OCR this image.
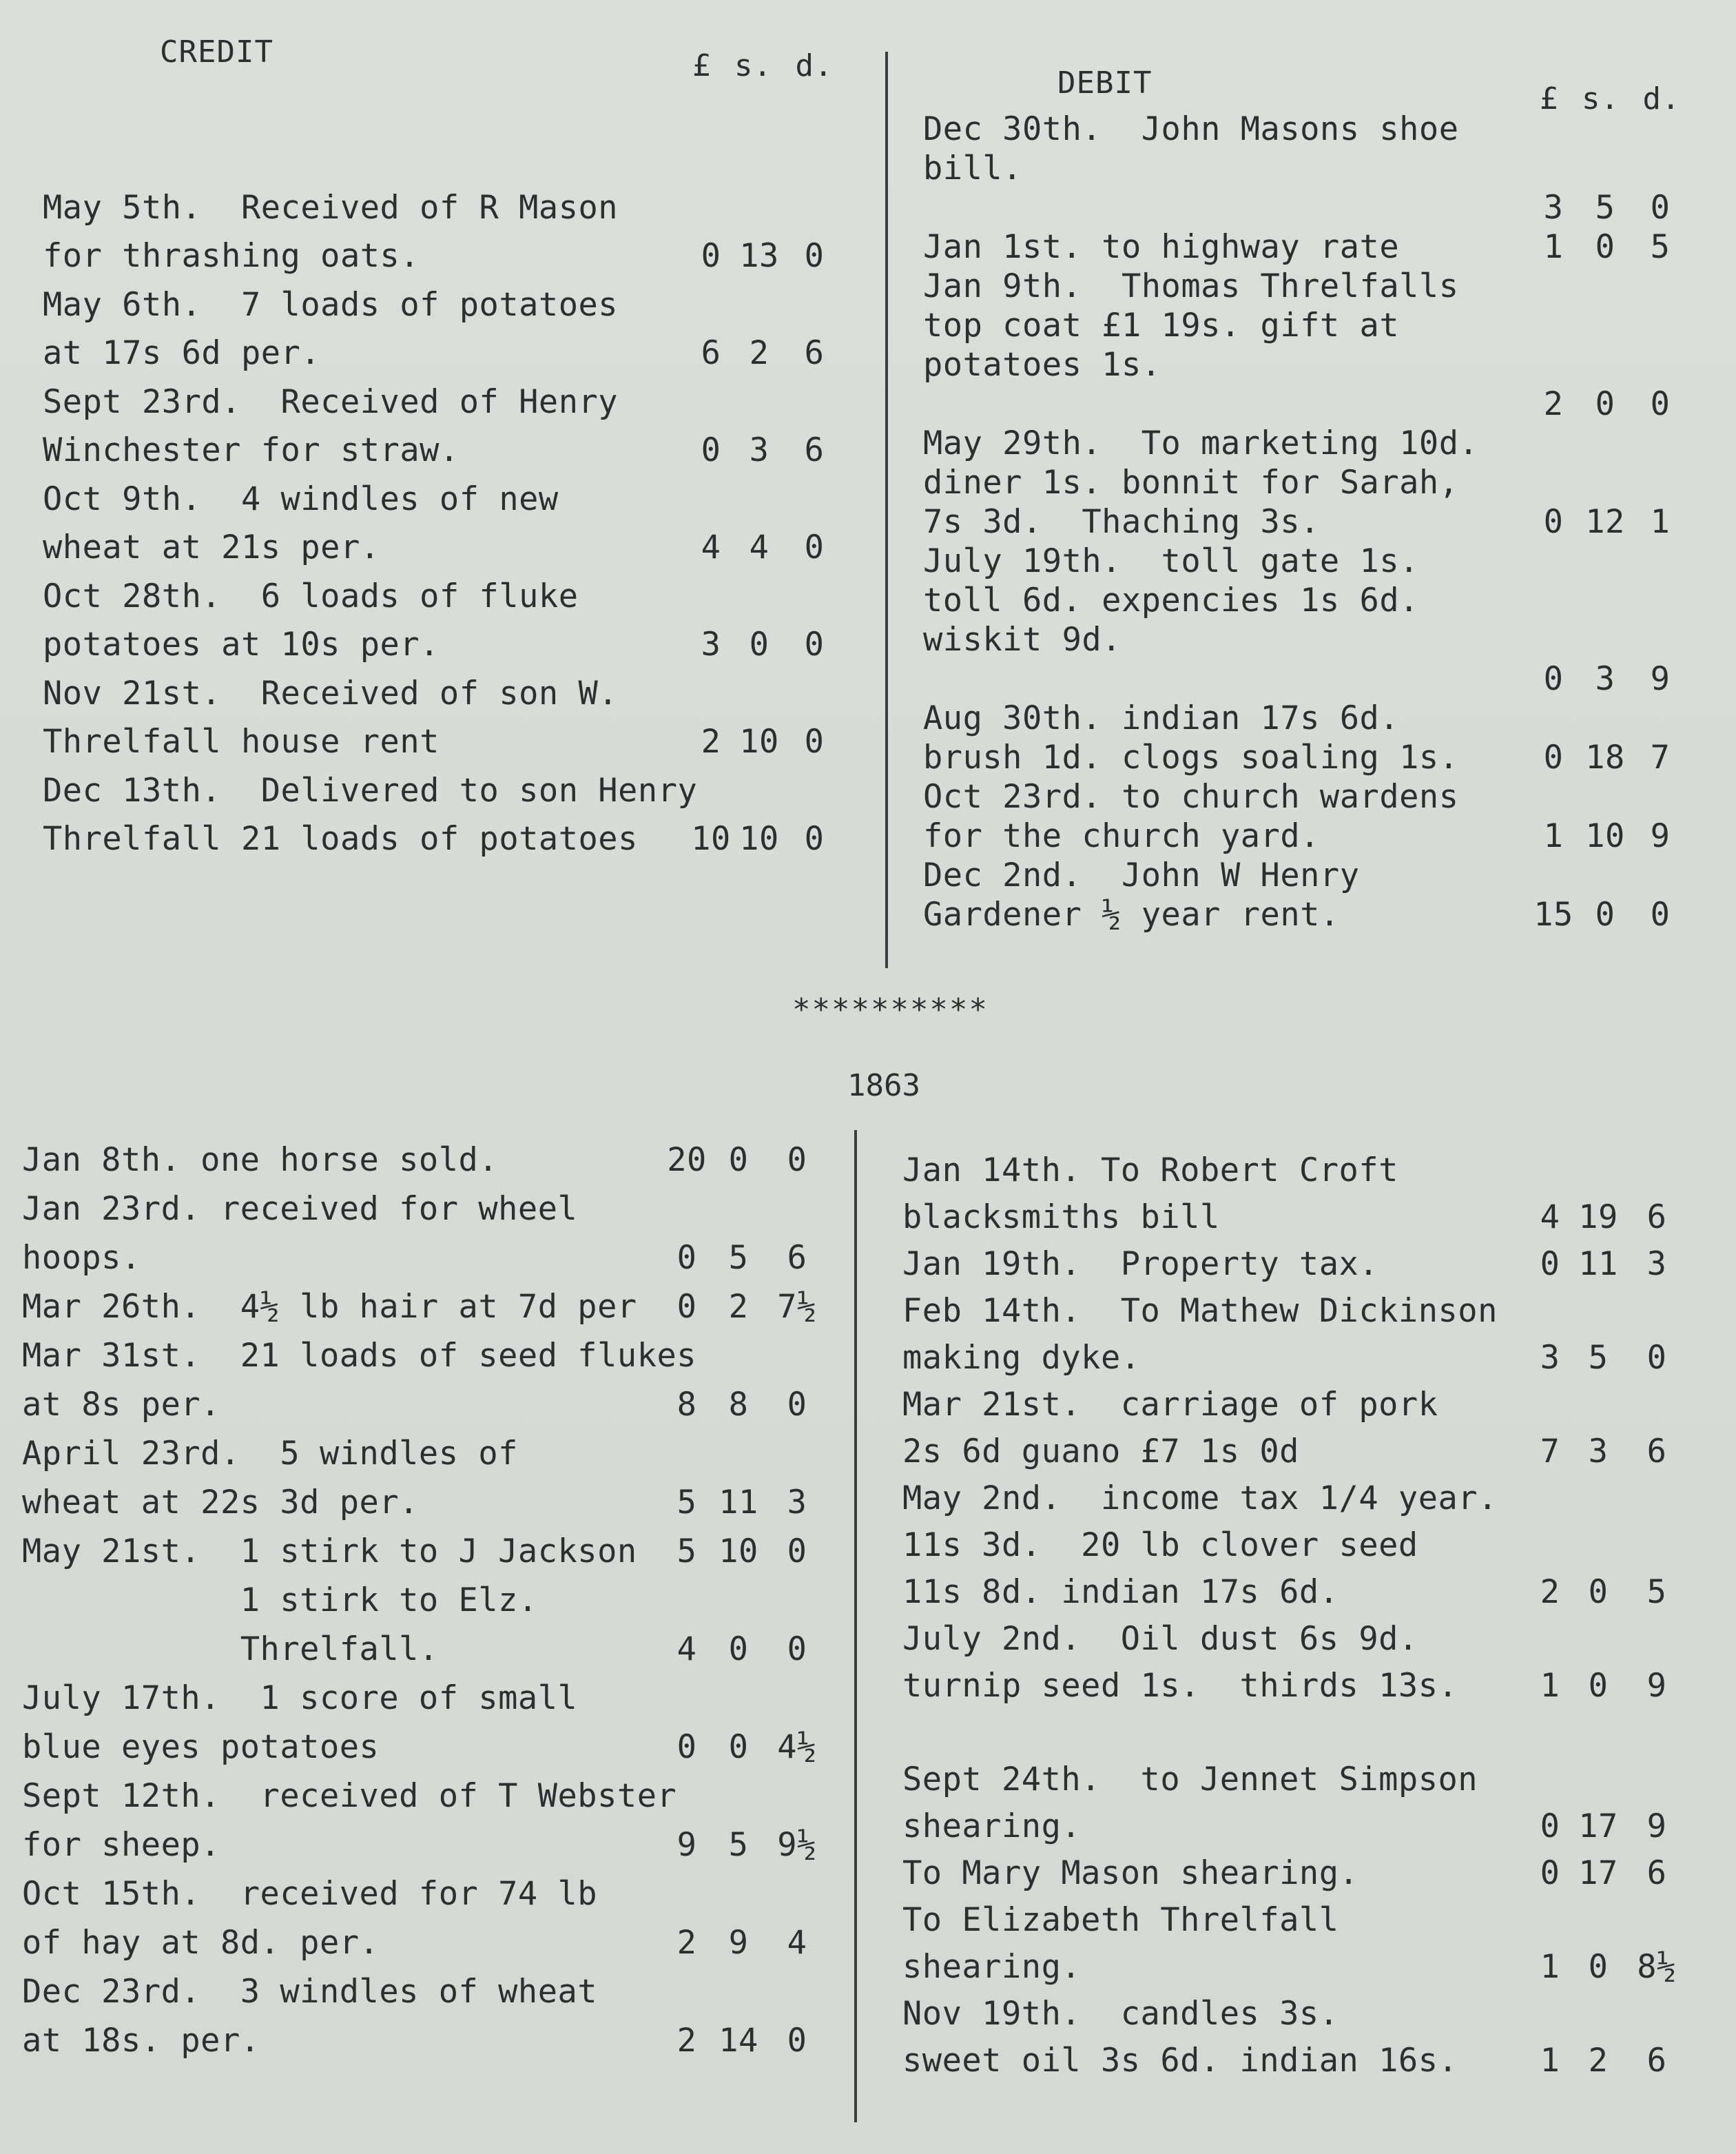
CREDIT	£ s. d.	DEBIT	£ s. d.
May 5th.  Received of R Mason
for thrashing oats.	0 13 0
May 6th.  7 loads of potatoes
at 17s 6d per.	6 2	6
Sept 23rd.  Received of Henry
Winchester for straw.	0 3	6
Oct 9th.  4 windles of new
wheat at 21s per.	4 4	0
Oct 28th.  6 loads of fluke
potatoes at 10s per.	3 0	0
Nov 21st.  Received of son W.
Threlfall house rent	2 10 0
Dec 13th.  Delivered to son Henry
Threlfall 21 loads of potatoes	10 10 0
Dec 30th.  John Masons shoe
bill.
3 5	0
Jan 1st. to highway rate	1 0	5
Jan 9th.  Thomas Threlfalls
top coat £1 19s. gift at
potatoes 1s.
2 0	0
May 29th.  To marketing 10d.
diner 1s. bonnit for Sarah,
7s 3d.  Thaching 3s.	0 12 1
July 19th.  toll gate 1s.
toll 6d. expencies 1s 6d.
wiskit 9d.
0 3	9
Aug 30th. indian 17s 6d.
brush 1d. clogs soaling 1s.	0 18 7
Oct 23rd. to church wardens
for the church yard.	1 10 9
Dec 2nd.  John W Henry
Gardener ½ year rent.	15 0	0
**********
1863
Jan 8th. one horse sold.	20 0	0
Jan 23rd. received for wheel
hoops.	0 5	6
Mar 26th.  4½ lb hair at 7d per	0 2 7½
Mar 31st.  21 loads of seed flukes
at 8s per.	8 8	0
April 23rd.  5 windles of
wheat at 22s 3d per.	5 11 3
May 21st.  1 stirk to J Jackson	5 10 0
1 stirk to Elz.
Threlfall.	4 0	0
July 17th.  1 score of small
blue eyes potatoes	0 0 4½
Sept 12th.  received of T Webster
for sheep.	9 5 9½
Oct 15th.  received for 74 lb
of hay at 8d. per.	2 9	4
Dec 23rd.  3 windles of wheat
at 18s. per.	2 14 0
Jan 14th. To Robert Croft
blacksmiths bill	4 19 6
Jan 19th.  Property tax.	0 11 3
Feb 14th.  To Mathew Dickinson
making dyke.	3 5	0
Mar 21st.  carriage of pork
2s 6d guano £7 1s 0d	7 3	6
May 2nd.  income tax 1/4 year.
11s 3d.  20 lb clover seed
11s 8d. indian 17s 6d.	2 0	5
July 2nd.  Oil dust 6s 9d.
turnip seed 1s.  thirds 13s.	1 0	9
Sept 24th.  to Jennet Simpson
shearing.	0 17 9
To Mary Mason shearing.	0 17 6
To Elizabeth Threlfall
shearing.	1 0 8½
Nov 19th.  candles 3s.
sweet oil 3s 6d. indian 16s.	1 2	6
